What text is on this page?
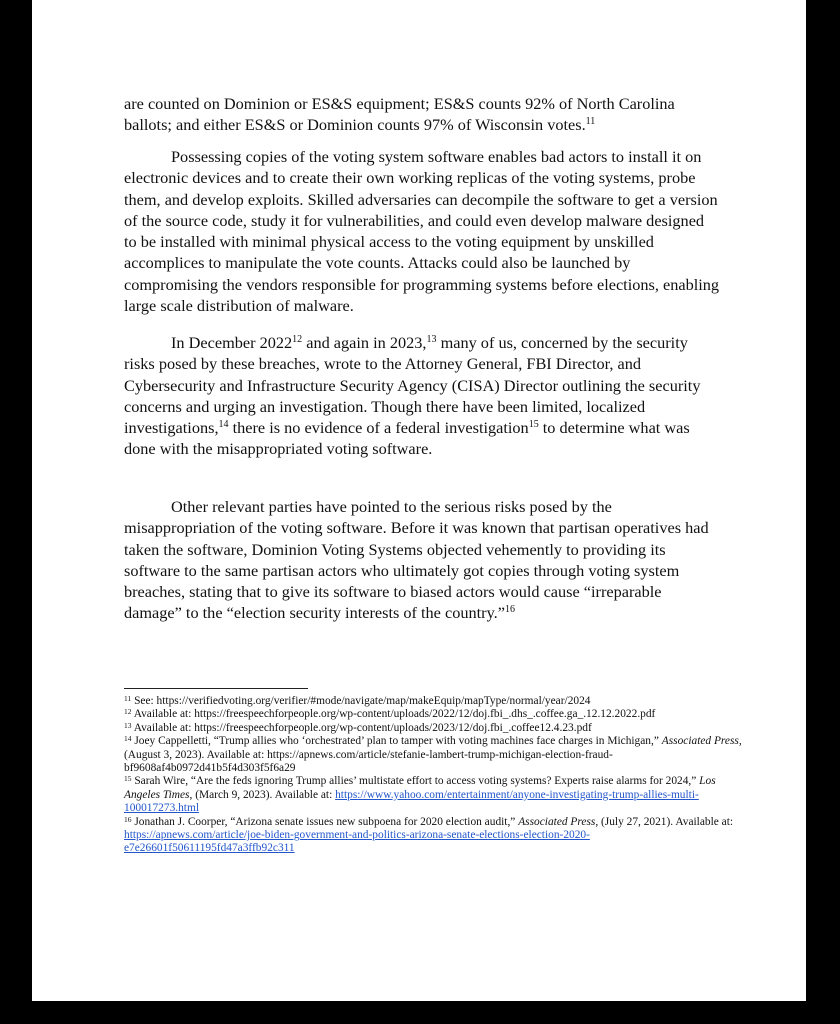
are counted on Dominion or ES&S equipment; ES&S counts 92% of North Carolina ballots; and either ES&S or Dominion counts 97% of Wisconsin votes.$^{11}$

Possessing copies of the voting system software enables bad actors to install it on electronic devices and to create their own working replicas of the voting systems, probe them, and develop exploits. Skilled adversaries can decompile the software to get a version of the source code, study it for vulnerabilities, and could even develop malware designed to be installed with minimal physical access to the voting equipment by unskilled accomplices to manipulate the vote counts. Attacks could also be launched by compromising the vendors responsible for programming systems before elections, enabling large scale distribution of malware.

In December 2022$^{12}$ and again in 2023,13 many of us, concerned by the security risks posed by these breaches, wrote to the Attorney General, FBI Director, and Cybersecurity and Infrastructure Security Agency (CISA) Director outlining the security concerns and urging an investigation. Though there have been limited, localized investigations,$^{14}$ there is no evidence of a federal investigation$^{15}$ to determine what was done with the misappropriated voting software.

Other relevant parties have pointed to the serious risks posed by the misappropriation of the voting software. Before it was known that partisan operatives had taken the software, Dominion Voting Systems objected vehemently to providing its software to the same partisan actors who ultimately got copies through voting system breaches, stating that to give its software to biased actors would cause “irreparable damage” to the “election security interests of the country.”$^{16}$

$^{11}$ See: https://verifiedvoting.org/verifier/#mode/navigate/map/makeEquip/mapType/normal/year/2024

$^{12}$ Available at: https://freespeechforpeople.org/wp-content/uploads/2022/12/doj.fbi_.dhs_.coffee.ga_.12.12.2022.pdf

$^{13}$ Available at: https://freespeechforpeople.org/wp-content/uploads/2023/12/doj.fbi_.coffee12.4.23.pdf

$^{14}$ Joey Cappelletti, “Trump allies who ‘orchestrated’ plan to tamper with voting machines face charges in Michigan,” Associated Press, (August 3, 2023). Available at: https://apnews.com/article/stefanie-lambert-trump-michigan-election-fraud-bf9608af4b0972d41b5f4d303f5f6a29

$^{15}$ Sarah Wire, “Are the feds ignoring Trump allies’ multistate effort to access voting systems? Experts raise alarms for 2024,” Los Angeles Times, (March 9, 2023). Available at: https://www.yahoo.com/entertainment/anyone-investigating-trump-allies-multi-100017273.html

$^{16}$ Jonathan J. Coorper, “Arizona senate issues new subpoena for 2020 election audit,” Associated Press, (July 27, 2021). Available at: https://apnews.com/article/joe-biden-government-and-politics-arizona-senate-elections-election-2020-e7e26601f50611195fd47a3ffb92c311
